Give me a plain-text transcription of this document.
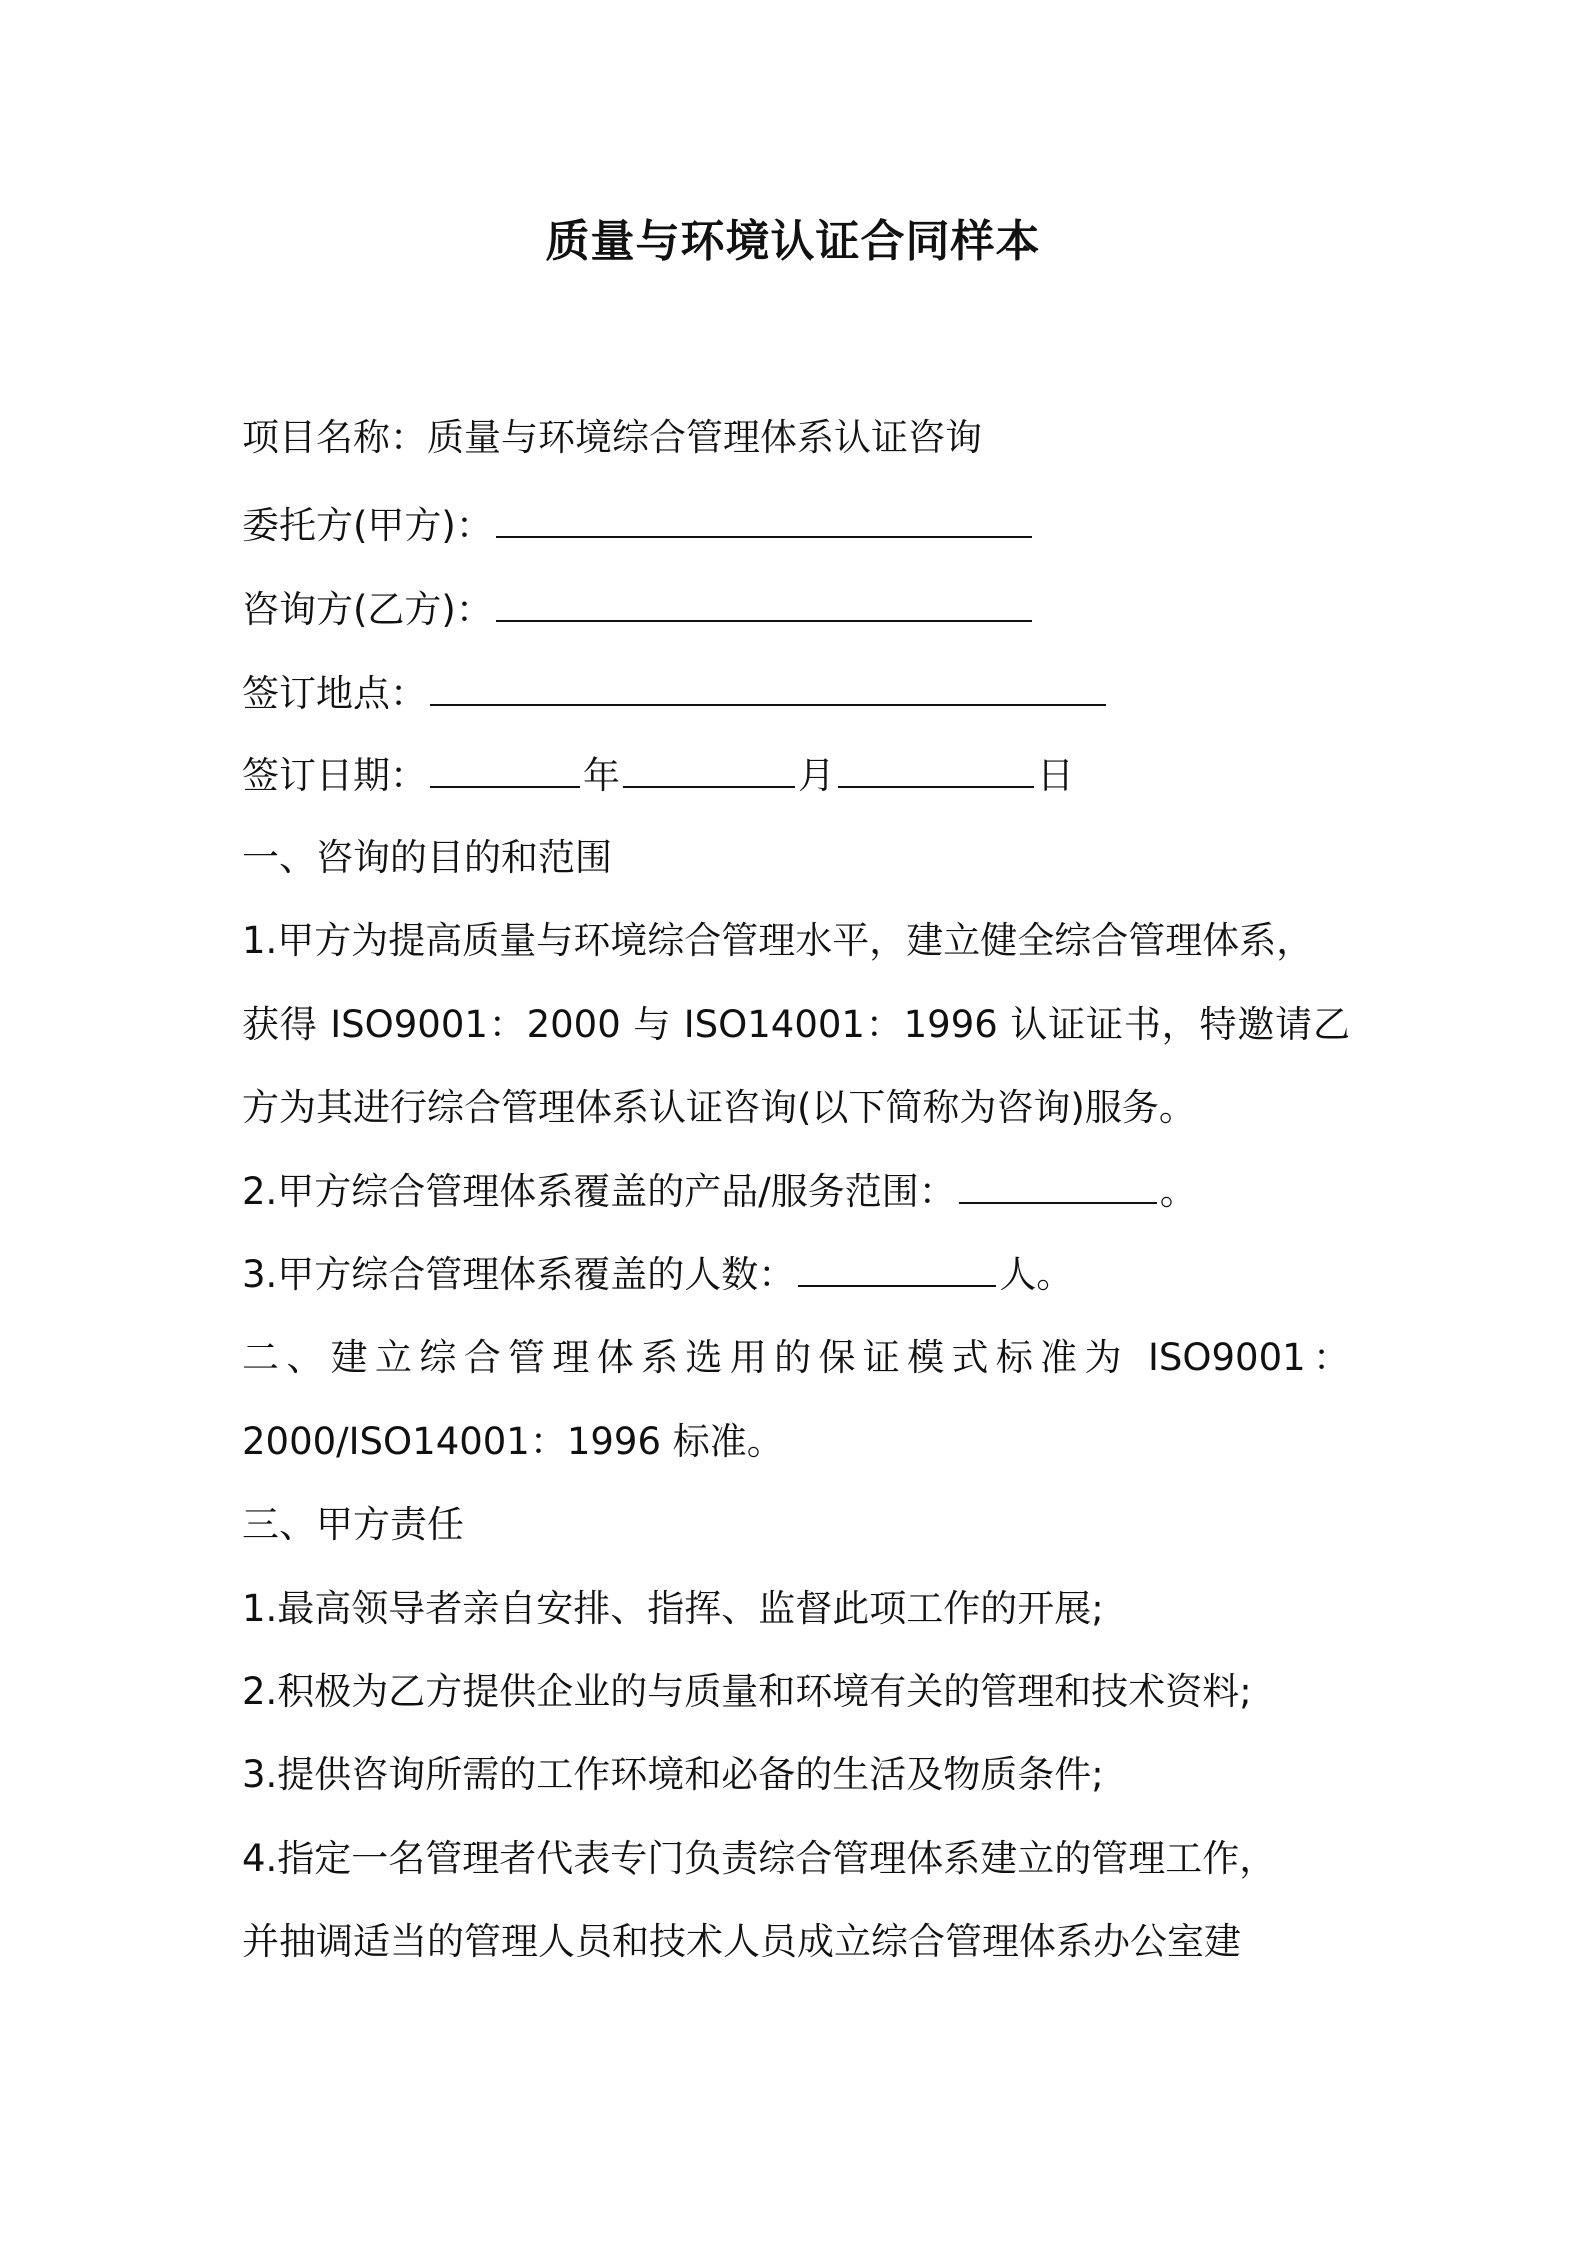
质量与环境认证合同样本
项目名称：质量与环境综合管理体系认证咨询
委托方(甲方)：
咨询方(乙方)：
签订地点：
签订日期：	年	月	日
一、咨询的目的和范围
1.甲方为提高质量与环境综合管理水平，建立健全综合管理体系，
获得 ISO9001：2000 与 ISO14001：1996 认证证书，特邀请乙
方为其进行综合管理体系认证咨询(以下简称为咨询)服务。
2.甲方综合管理体系覆盖的产品/服务范围：	。
3.甲方综合管理体系覆盖的人数：	人。
二、建立综合管理体系选用的保证模式标准为 ISO9001：
2000/ISO14001：1996 标准。
三、甲方责任
1.最高领导者亲自安排、指挥、监督此项工作的开展;
2.积极为乙方提供企业的与质量和环境有关的管理和技术资料;
3.提供咨询所需的工作环境和必备的生活及物质条件;
4.指定一名管理者代表专门负责综合管理体系建立的管理工作，
并抽调适当的管理人员和技术人员成立综合管理体系办公室建
